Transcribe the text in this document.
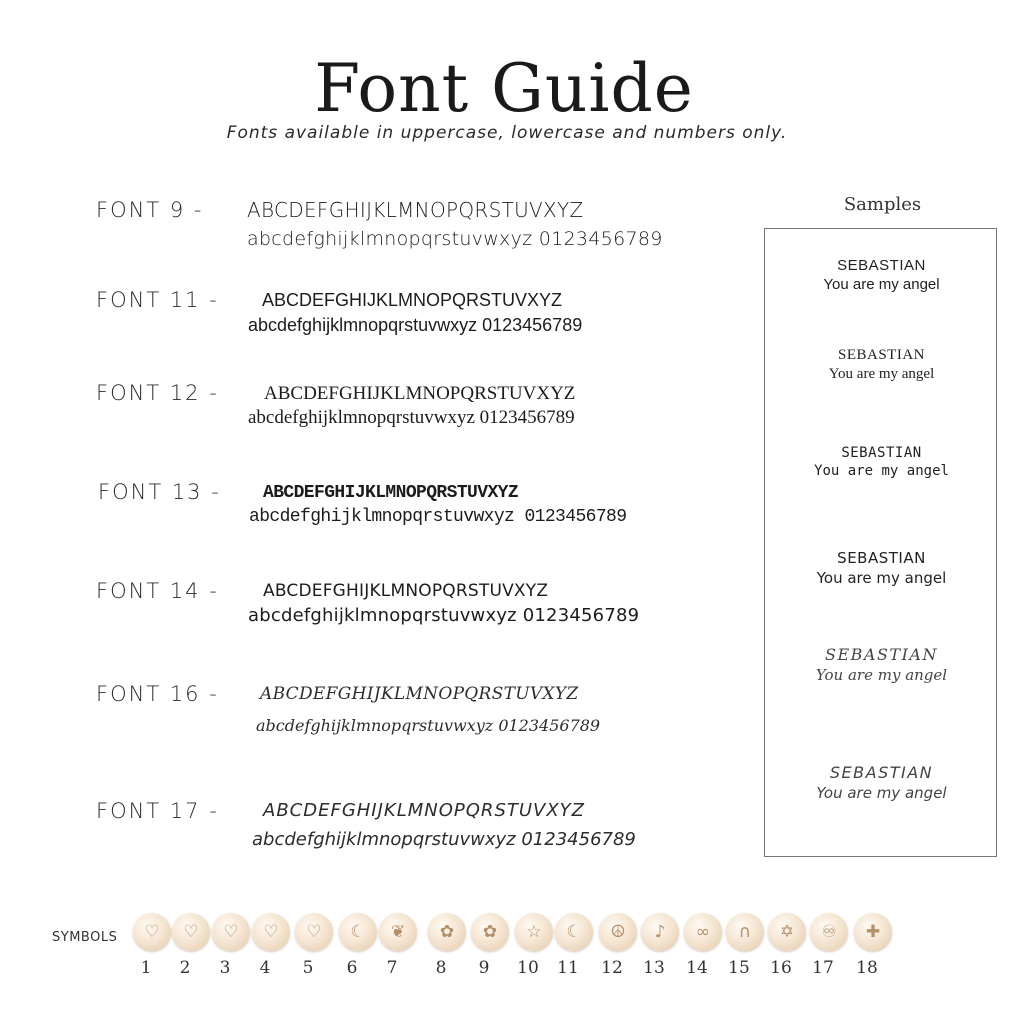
Font Guide
Fonts available in uppercase, lowercase and numbers only.
FONT 9 - ABCDEFGHIJKLMNOPQRSTUVXYZ
abcdefghijklmnopqrstuvwxyz 0123456789
FONT 11 - ABCDEFGHIJKLMNOPQRSTUVXYZ
abcdefghijklmnopqrstuvwxyz 0123456789
FONT 12 - ABCDEFGHIJKLMNOPQRSTUVXYZ
abcdefghijklmnopqrstuvwxyz 0123456789
FONT 13 - ABCDEFGHIJKLMNOPQRSTUVXYZ
abcdefghijklmnopqrstuvwxyz 0123456789
FONT 14 -	ABCDEFGHIJKLMNOPQRSTUVXYZ
abcdefghijklmnopqrstuvwxyz 0123456789
FONT 16 - ABCDEFGHIJKLMNOPQRSTUVXYZ
abcdefghijklmnopqrstuvwxyz 0123456789
FONT 17 - ABCDEFGHIJKLMNOPQRSTUVXYZ
abcdefghijklmnopqrstuvwxyz 0123456789
Samples
SEBASTIAN
You are my angel
SEBASTIAN
You are my angel
SEBASTIAN
You are my angel
SEBASTIAN
You are my angel
SEBASTIAN
You are my angel
SEBASTIAN
You are my angel
SYMBOLS	♡
1
♡
2
♡
3
♡
4
♡
5
☾
6
❦
7
✿
8
✿
9
☆
10
☾
11
☮
12
♪
13
∞
14
∩
15
✡
16
♾
17
✚
18
